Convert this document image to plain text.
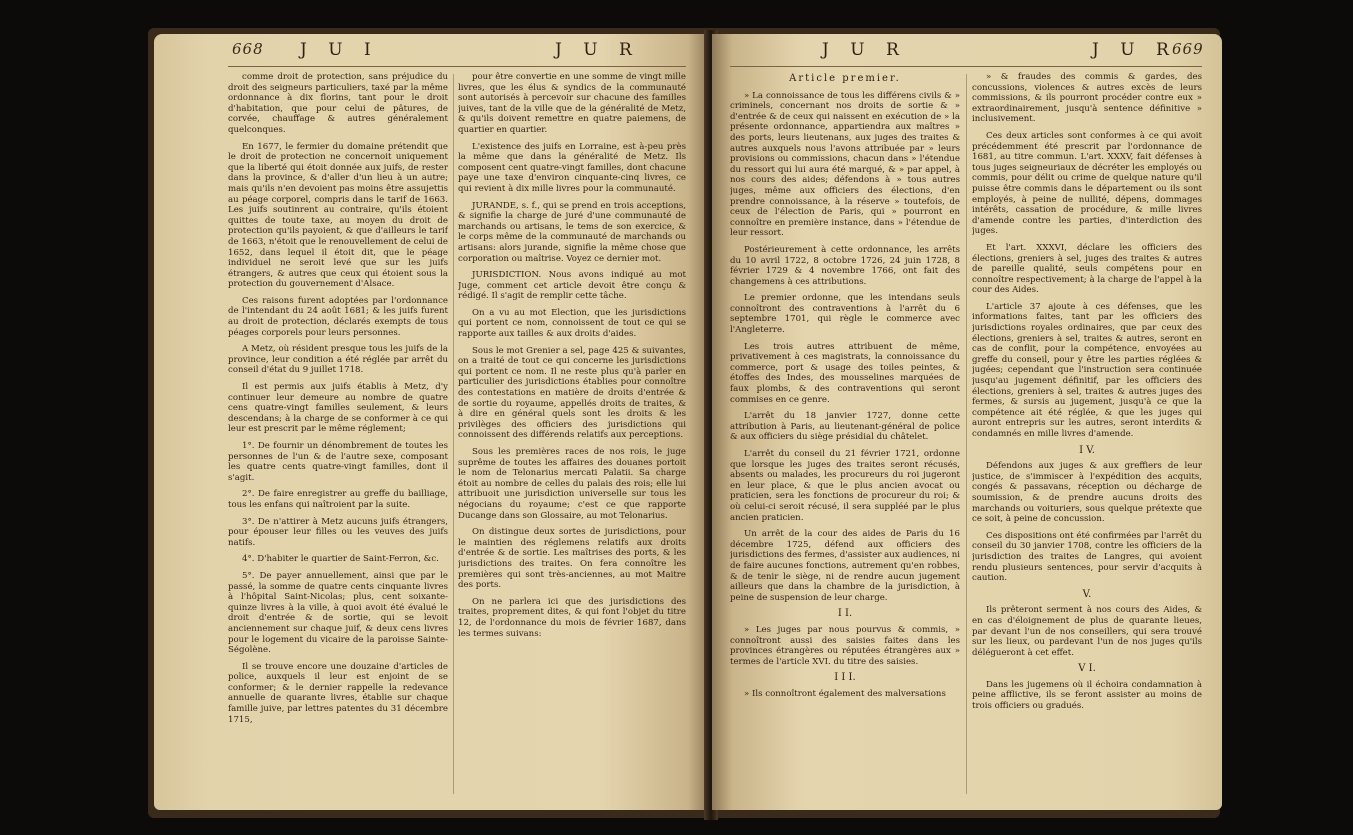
668 J U I	J U R

comme droit de protection, sans préjudice du droit des seigneurs particuliers, taxé par la même ordonnance à dix florins, tant pour le droit d'habitation, que pour celui de pâtures, de corvée, chauffage & autres généralement quelconques.

En 1677, le fermier du domaine prétendit que le droit de protection ne concernoit uniquement que la liberté qui étoit donnée aux juifs, de rester dans la province, & d'aller d'un lieu à un autre; mais qu'ils n'en devoient pas moins être assujettis au péage corporel, compris dans le tarif de 1663. Les juifs soutinrent au contraire, qu'ils étoient quittes de toute taxe, au moyen du droit de protection qu'ils payoient, & que d'ailleurs le tarif de 1663, n'étoit que le renouvellement de celui de 1652, dans lequel il étoit dit, que le péage individuel ne seroit levé que sur les juifs étrangers, & autres que ceux qui étoient sous la protection du gouvernement d'Alsace.

Ces raisons furent adoptées par l'ordonnance de l'intendant du 24 août 1681; & les juifs furent au droit de protection, déclarés exempts de tous péages corporels pour leurs personnes.

A Metz, où résident presque tous les juifs de la province, leur condition a été réglée par arrêt du conseil d'état du 9 juillet 1718.

Il est permis aux juifs établis à Metz, d'y continuer leur demeure au nombre de quatre cens quatre-vingt familles seulement, & leurs descendans; à la charge de se conformer à ce qui leur est prescrit par le même réglement;

1°. De fournir un dénombrement de toutes les personnes de l'un & de l'autre sexe, composant les quatre cents quatre-vingt familles, dont il s'agit.

2°. De faire enregistrer au greffe du bailliage, tous les enfans qui naîtroient par la suite.

3°. De n'attirer à Metz aucuns juifs étrangers, pour épouser leur filles ou les veuves des juifs natifs.

4°. D'habiter le quartier de Saint-Ferron, &c.

5°. De payer annuellement, ainsi que par le passé, la somme de quatre cents cinquante livres à l'hôpital Saint-Nicolas; plus, cent soixante-quinze livres à la ville, à quoi avoit été évalué le droit d'entrée & de sortie, qui se levoit anciennement sur chaque juif, & deux cens livres pour le logement du vicaire de la paroisse Sainte-Ségolène.

Il se trouve encore une douzaine d'articles de police, auxquels il leur est enjoint de se conformer; & le dernier rappelle la redevance annuelle de quarante livres, établie sur chaque famille juive, par lettres patentes du 31 décembre 1715,

pour être convertie en une somme de vingt mille livres, que les élus & syndics de la communauté sont autorisés à percevoir sur chacune des familles juives, tant de la ville que de la généralité de Metz, & qu'ils doivent remettre en quatre paiemens, de quartier en quartier.

L'existence des juifs en Lorraine, est à-peu près la même que dans la généralité de Metz. Ils composent cent quatre-vingt familles, dont chacune paye une taxe d'environ cinquante-cinq livres, ce qui revient à dix mille livres pour la communauté.

JURANDE, s. f., qui se prend en trois acceptions, & signifie la charge de juré d'une communauté de marchands ou artisans, le tems de son exercice, & le corps même de la communauté de marchands ou artisans: alors jurande, signifie la même chose que corporation ou maîtrise. Voyez ce dernier mot.

JURISDICTION. Nous avons indiqué au mot Juge, comment cet article devoit être conçu & rédigé. Il s'agit de remplir cette tâche.

On a vu au mot Election, que les jurisdictions qui portent ce nom, connoissent de tout ce qui se rapporte aux tailles & aux droits d'aides.

Sous le mot Grenier a sel, page 425 & suivantes, on a traité de tout ce qui concerne les jurisdictions qui portent ce nom. Il ne reste plus qu'à parler en particulier des jurisdictions établies pour connoître des contestations en matière de droits d'entrée & de sortie du royaume, appellés droits de traites, & à dire en général quels sont les droits & les privilèges des officiers des jurisdictions qui connoissent des différends relatifs aux perceptions.

Sous les premières races de nos rois, le juge suprême de toutes les affaires des douanes portoit le nom de Telonarius mercati Palatii. Sa charge étoit au nombre de celles du palais des rois; elle lui attribuoit une jurisdiction universelle sur tous les négocians du royaume; c'est ce que rapporte Ducange dans son Glossaire, au mot Telonarius.

On distingue deux sortes de jurisdictions, pour le maintien des réglemens relatifs aux droits d'entrée & de sortie. Les maîtrises des ports, & les jurisdictions des traites. On fera connoître les premières qui sont très-anciennes, au mot Maitre des ports.

On ne parlera ici que des jurisdictions des traites, proprement dites, & qui font l'objet du titre 12, de l'ordonnance du mois de février 1687, dans les termes suivans:

J U R	J U R
669
Article premier.

» La connoissance de tous les différens civils & » criminels, concernant nos droits de sortie & » d'entrée & de ceux qui naissent en exécution de » la présente ordonnance, appartiendra aux maîtres » des ports, leurs lieutenans, aux juges des traites & autres auxquels nous l'avons attribuée par » leurs provisions ou commissions, chacun dans » l'étendue du ressort qui lui aura été marqué, & » par appel, à nos cours des aides; défendons à » tous autres juges, même aux officiers des élections, d'en prendre connoissance, à la réserve » toutefois, de ceux de l'élection de Paris, qui » pourront en connoître en première instance, dans » l'étendue de leur ressort.

Postérieurement à cette ordonnance, les arrêts du 10 avril 1722, 8 octobre 1726, 24 juin 1728, 8 février 1729 & 4 novembre 1766, ont fait des changemens à ces attributions.

Le premier ordonne, que les intendans seuls connoîtront des contraventions à l'arrêt du 6 septembre 1701, qui règle le commerce avec l'Angleterre.

Les trois autres attribuent de même, privativement à ces magistrats, la connoissance du commerce, port & usage des toiles peintes, & étoffes des Indes, des mousselines marquées de faux plombs, & des contraventions qui seront commises en ce genre.

L'arrêt du 18 janvier 1727, donne cette attribution à Paris, au lieutenant-général de police & aux officiers du siège présidial du châtelet.

L'arrêt du conseil du 21 février 1721, ordonne que lorsque les juges des traites seront récusés, absents ou malades, les procureurs du roi jugeront en leur place, & que le plus ancien avocat ou praticien, sera les fonctions de procureur du roi; & où celui-ci seroit récusé, il sera suppléé par le plus ancien praticien.

Un arrêt de la cour des aides de Paris du 16 décembre 1725, défend aux officiers des jurisdictions des fermes, d'assister aux audiences, ni de faire aucunes fonctions, autrement qu'en robbes, & de tenir le siège, ni de rendre aucun jugement ailleurs que dans la chambre de la jurisdiction, à peine de suspension de leur charge.

I I.

» Les juges par nous pourvus & commis, » connoîtront aussi des saisies faites dans les provinces étrangères ou réputées étrangères aux » termes de l'article XVI. du titre des saisies.

I I I.

» Ils connoîtront également des malversations

» & fraudes des commis & gardes, des concussions, violences & autres excès de leurs commissions, & ils pourront procéder contre eux » extraordinairement, jusqu'à sentence définitive » inclusivement.

Ces deux articles sont conformes à ce qui avoit précédemment été prescrit par l'ordonnance de 1681, au titre commun. L'art. XXXV, fait défenses à tous juges seigneuriaux de décréter les employés ou commis, pour délit ou crime de quelque nature qu'il puisse être commis dans le département ou ils sont employés, à peine de nullité, dépens, dommages intérêts, cassation de procédure, & mille livres d'amende contre les parties, d'interdiction des juges.

Et l'art. XXXVI, déclare les officiers des élections, greniers à sel, juges des traites & autres de pareille qualité, seuls compétens pour en connoître respectivement; à la charge de l'appel à la cour des Aides.

L'article 37 ajoute à ces défenses, que les informations faites, tant par les officiers des jurisdictions royales ordinaires, que par ceux des élections, greniers à sel, traites & autres, seront en cas de conflit, pour la compétence, envoyées au greffe du conseil, pour y être les parties réglées & jugées; cependant que l'instruction sera continuée jusqu'au jugement définitif, par les officiers des élections, greniers à sel, traites & autres juges des fermes, & sursis au jugement, jusqu'à ce que la compétence ait été réglée, & que les juges qui auront entrepris sur les autres, seront interdits & condamnés en mille livres d'amende.

I V.

Défendons aux juges & aux greffiers de leur justice, de s'immiscer à l'expédition des acquits, congés & passavans, réception ou décharge de soumission, & de prendre aucuns droits des marchands ou voituriers, sous quelque prétexte que ce soit, à peine de concussion.

Ces dispositions ont été confirmées par l'arrêt du conseil du 30 janvier 1708, contre les officiers de la jurisdiction des traites de Langres, qui avoient rendu plusieurs sentences, pour servir d'acquits à caution.

V.

Ils prêteront serment à nos cours des Aides, & en cas d'éloignement de plus de quarante lieues, par devant l'un de nos conseillers, qui sera trouvé sur les lieux, ou pardevant l'un de nos juges qu'ils délégueront à cet effet.

V I.

Dans les jugemens où il échoira condamnation à peine afflictive, ils se feront assister au moins de trois officiers ou gradués.
